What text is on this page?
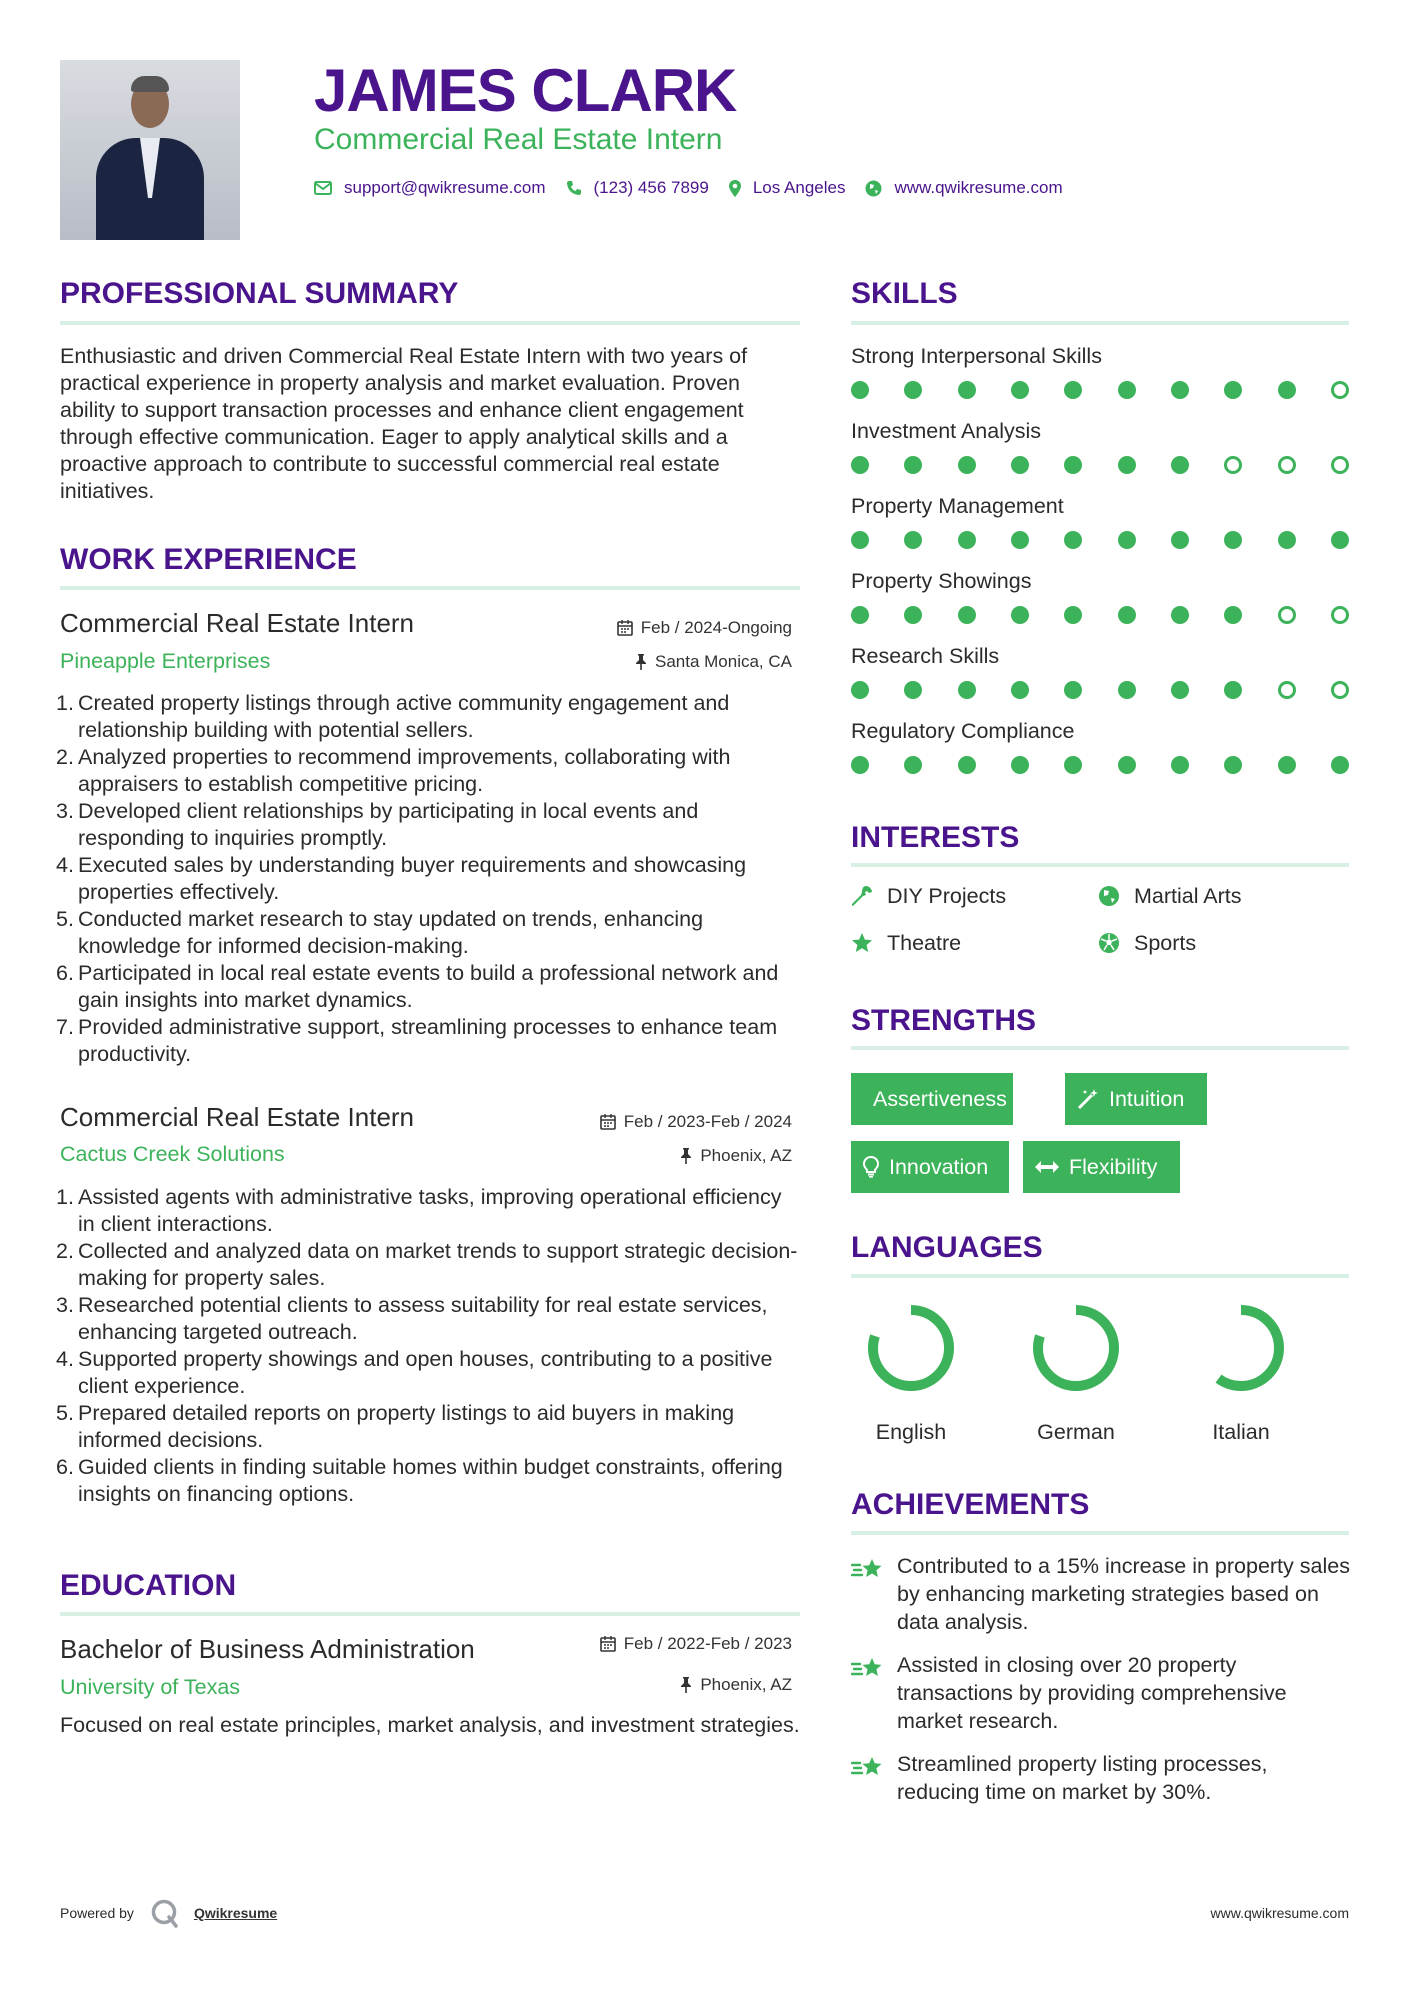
JAMES CLARK
Commercial Real Estate Intern
support@qwikresume.com	(123) 456 7899	Los Angeles	www.qwikresume.com
PROFESSIONAL SUMMARY

Enthusiastic and driven Commercial Real Estate Intern with two years of practical experience in property analysis and market evaluation. Proven ability to support transaction processes and enhance client engagement through effective communication. Eager to apply analytical skills and a proactive approach to contribute to successful commercial real estate initiatives.

WORK EXPERIENCE
Commercial Real Estate Intern	Feb / 2024-Ongoing
Pineapple Enterprises	Santa Monica, CA
1. Created property listings through active community engagement and relationship building with potential sellers.
2. Analyzed properties to recommend improvements, collaborating with appraisers to establish competitive pricing.
3. Developed client relationships by participating in local events and responding to inquiries promptly.
4. Executed sales by understanding buyer requirements and showcasing properties effectively.
5. Conducted market research to stay updated on trends, enhancing knowledge for informed decision-making.
6. Participated in local real estate events to build a professional network and gain insights into market dynamics.
7. Provided administrative support, streamlining processes to enhance team productivity.
Commercial Real Estate Intern	Feb / 2023-Feb / 2024
Cactus Creek Solutions	Phoenix, AZ
1. Assisted agents with administrative tasks, improving operational efficiency in client interactions.
2. Collected and analyzed data on market trends to support strategic decision-making for property sales.
3. Researched potential clients to assess suitability for real estate services, enhancing targeted outreach.
4. Supported property showings and open houses, contributing to a positive client experience.
5. Prepared detailed reports on property listings to aid buyers in making informed decisions.
6. Guided clients in finding suitable homes within budget constraints, offering insights on financing options.
EDUCATION
Bachelor of Business Administration	Feb / 2022-Feb / 2023
University of Texas	Phoenix, AZ

Focused on real estate principles, market analysis, and investment strategies.

SKILLS
Strong Interpersonal Skills
Investment Analysis
Property Management
Property Showings
Research Skills
Regulatory Compliance
INTERESTS
DIY Projects	Martial Arts
Theatre	Sports
STRENGTHS
Assertiveness	Intuition
Innovation	Flexibility
LANGUAGES
English	German	Italian
ACHIEVEMENTS
Contributed to a 15% increase in property sales by enhancing marketing strategies based on data analysis.
Assisted in closing over 20 property transactions by providing comprehensive market research.
Streamlined property listing processes, reducing time on market by 30%.
Powered by	Qwikresume	www.qwikresume.com
